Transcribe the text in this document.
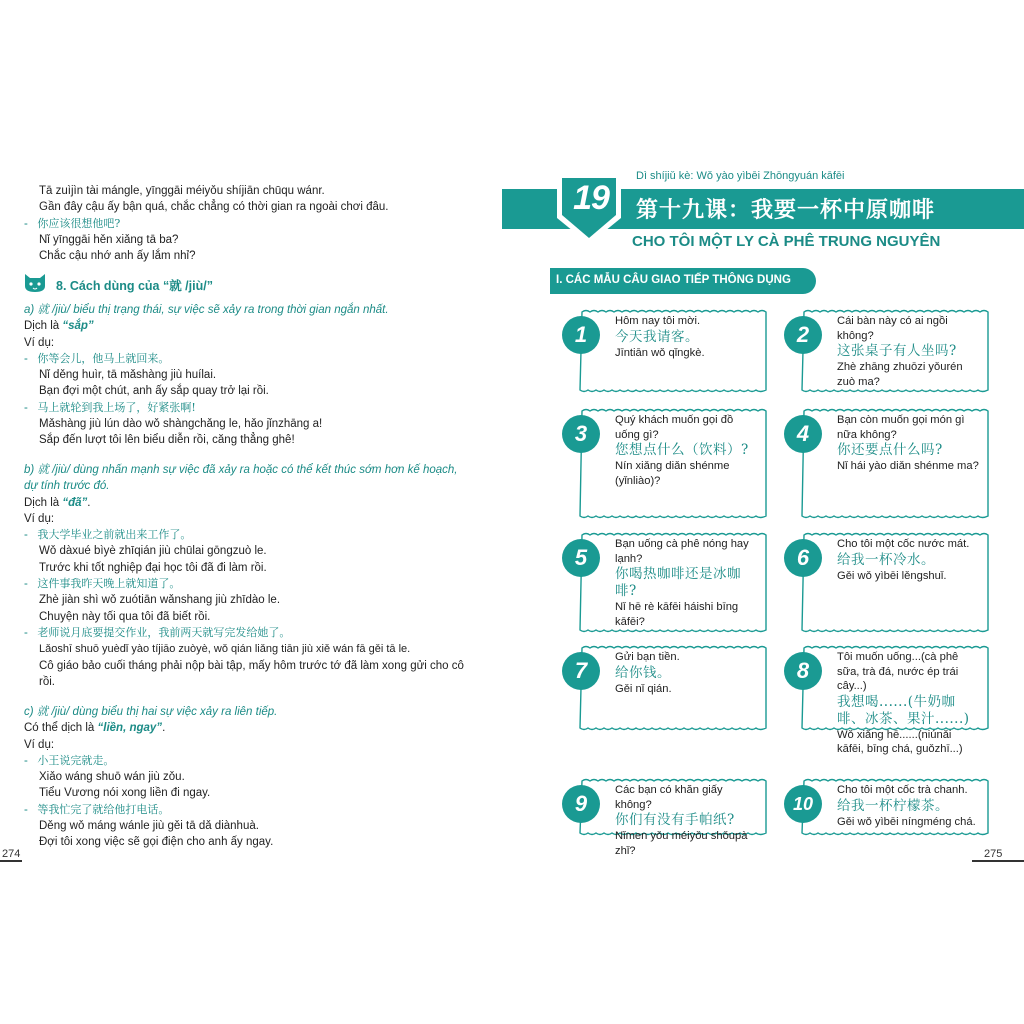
Tā zuìjìn tài mánglе, yīnggāi méiyǒu shíjiān chūqu wánr.
Gần đây cậu ấy bận quá, chắc chẳng có thời gian ra ngoài chơi đâu.
-   你应该很想他吧?
Nǐ yīnggāi hěn xiǎng tā ba?
Chắc cậu nhớ anh ấy lắm nhỉ?
8. Cách dùng của “就 /jiù/”
a) 就 /jiù/ biểu thị trạng thái, sự việc sẽ xảy ra trong thời gian ngắn nhất.
Dịch là “sắp”
Ví dụ:
-   你等会儿，他马上就回来。
Nǐ děng huìr, tā mǎshàng jiù huílai.
Bạn đợi một chút, anh ấy sắp quay trở lại rồi.
-   马上就轮到我上场了，好紧张啊!
Mǎshàng jiù lún dào wǒ shàngchǎng le, hǎo jǐnzhāng a!
Sắp đến lượt tôi lên biểu diễn rồi, căng thẳng ghê!
b) 就 /jiù/ dùng nhấn mạnh sự việc đã xảy ra hoặc có thể kết thúc sớm hơn kế hoạch, dự tính trước đó.
Dịch là “đã”.
Ví dụ:
-   我大学毕业之前就出来工作了。
Wǒ dàxué bìyè zhīqián jiù chūlai gōngzuò le.
Trước khi tốt nghiệp đại học tôi đã đi làm rồi.
-   这件事我昨天晚上就知道了。
Zhè jiàn shì wǒ zuótiān wǎnshang jiù zhīdào le.
Chuyện này tối qua tôi đã biết rồi.
-   老师说月底要提交作业，我前两天就写完发给她了。
Lǎoshī shuō yuèdǐ yào tíjiāo zuòyè, wǒ qián liǎng tiān jiù xiě wán fā gěi tā le.
Cô giáo bảo cuối tháng phải nộp bài tập, mấy hôm trước tớ đã làm xong gửi cho cô rồi.
c) 就 /jiù/ dùng biểu thị hai sự việc xảy ra liên tiếp.
Có thể dịch là “liền, ngay”.
Ví dụ:
-   小王说完就走。
Xiǎo wáng shuō wán jiù zǒu.
Tiểu Vương nói xong liền đi ngay.
-   等我忙完了就给他打电话。
Děng wǒ máng wánle jiù gěi tā dǎ diànhuà.
Đợi tôi xong việc sẽ gọi điện cho anh ấy ngay.
274
19
Dì shíjiǔ kè: Wǒ yào yìbēi Zhōngyuán kāfēi
第十九课：我要一杯中原咖啡
CHO TÔI MỘT LY CÀ PHÊ TRUNG NGUYÊN
I. CÁC MẪU CÂU GIAO TIẾP THÔNG DỤNG
1
Hôm nay tôi mời.
今天我请客。
Jīntiān wǒ qǐngkè.
2
Cái bàn này có ai ngồi không?
这张桌子有人坐吗?
Zhè zhāng zhuōzi yǒurén zuò ma?
3
Quý khách muốn gọi đồ uống gì?
您想点什么（饮料）?
Nín xiǎng diǎn shénme (yǐnliào)?
4
Bạn còn muốn gọi món gì nữa không?
你还要点什么吗?
Nǐ hái yào diǎn shénme ma?
5
Bạn uống cà phê nóng hay lạnh?
你喝热咖啡还是冰咖啡?
Nǐ hē rè kāfēi háishi bīng kāfēi?
6
Cho tôi một cốc nước mát.
给我一杯冷水。
Gěi wǒ yìbēi lěngshuǐ.
7
Gửi bạn tiền.
给你钱。
Gěi nǐ qián.
8
Tôi muốn uống...(cà phê sữa, trà đá, nước ép trái cây...)
我想喝......(牛奶咖啡、冰茶、果汁......)
Wǒ xiǎng hē......(niúnǎi kāfēi, bīng chá, guǒzhī...)
9
Các bạn có khăn giấy không?
你们有没有手帕纸?
Nǐmen yǒu méiyǒu shǒupà zhǐ?
10
Cho tôi một cốc trà chanh.
给我一杯柠檬茶。
Gěi wǒ yìbēi níngméng chá.
275
